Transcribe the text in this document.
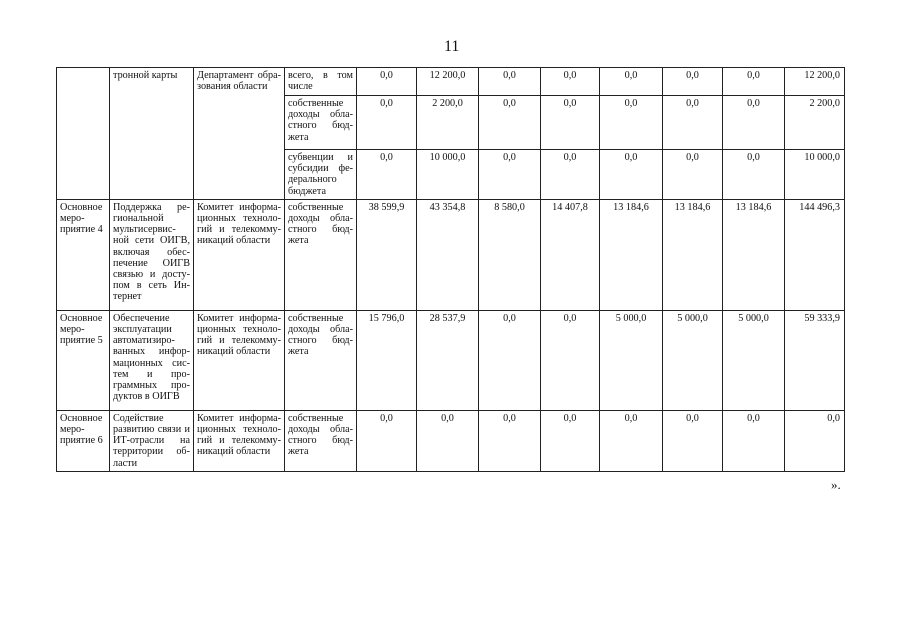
11
	тронной карты	Департамент обра-зования области	всего, в том числе	0,0	12 200,0	0,0	0,0	0,0	0,0	0,0	12 200,0
			собственные доходы обла-стного бюд-жета	0,0	2 200,0	0,0	0,0	0,0	0,0	0,0	2 200,0
			субвенции и субсидии фе-дерального бюджета	0,0	10 000,0	0,0	0,0	0,0	0,0	0,0	10 000,0
Основное меро-приятие 4	Поддержка ре-гиональной мультисервис-ной сети ОИГВ, включая обес-печение ОИГВ связью и досту-пом в сеть Ин-тернет	Комитет информа-ционных техноло-гий и телекомму-никаций области	собственные доходы обла-стного бюд-жета	38 599,9	43 354,8	8 580,0	14 407,8	13 184,6	13 184,6	13 184,6	144 496,3
Основное меро-приятие 5	Обеспечение эксплуатации автоматизиро-ванных инфор-мационных сис-тем и про-граммных про-дуктов в ОИГВ	Комитет информа-ционных техноло-гий и телекомму-никаций области	собственные доходы обла-стного бюд-жета	15 796,0	28 537,9	0,0	0,0	5 000,0	5 000,0	5 000,0	59 333,9
Основное меро-приятие 6	Содействие развитию связи и ИТ-отрасли на территории об-ласти	Комитет информа-ционных техноло-гий и телекомму-никаций области	собственные доходы обла-стного бюд-жета	0,0	0,0	0,0	0,0	0,0	0,0	0,0	0,0
».
